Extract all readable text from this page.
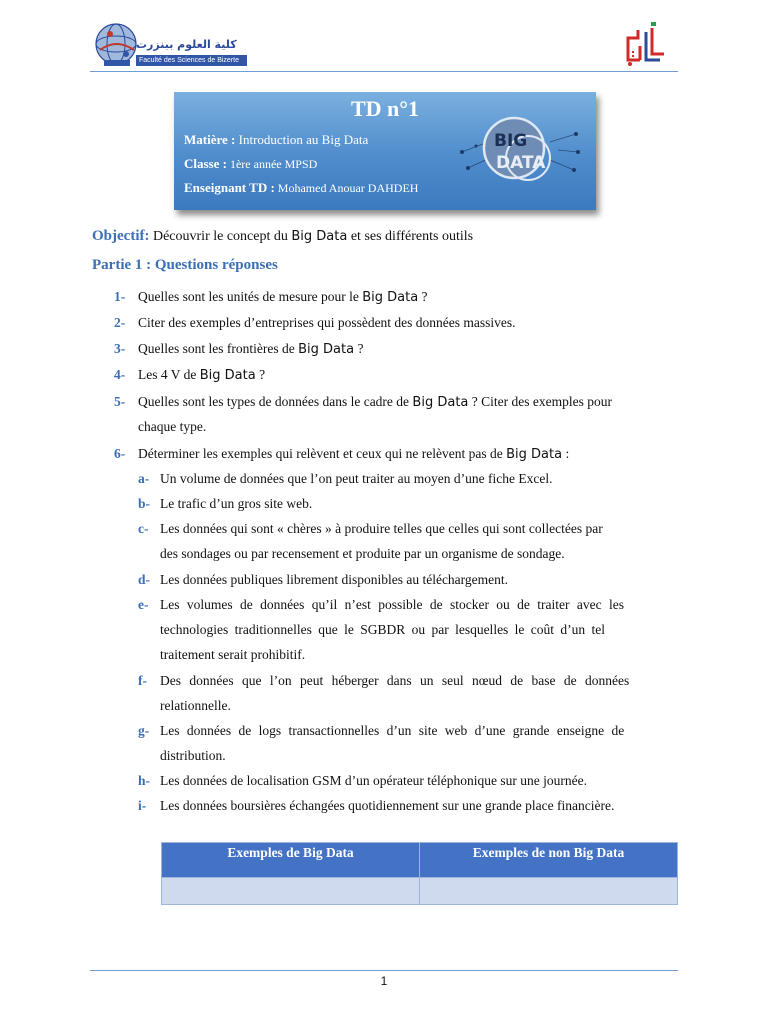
كلية العلوم ببنزرت
Faculté des Sciences de Bizerte
TD n°1
Matière : Introduction au Big Data
Classe : 1ère année MPSD
Enseignant TD : Mohamed Anouar DAHDEH
BIG
DATA
Objectif: Découvrir le concept du Big Data et ses différents outils
Partie 1 : Questions réponses
1- Quelles sont les unités de mesure pour le Big Data ?
2- Citer des exemples d’entreprises qui possèdent des données massives.
3- Quelles sont les frontières de Big Data ?
4- Les 4 V de Big Data ?
5- Quelles sont les types de données dans le cadre de Big Data ? Citer des exemples pour
chaque type.
6- Déterminer les exemples qui relèvent et ceux qui ne relèvent pas de Big Data :
a- Un volume de données que l’on peut traiter au moyen d’une fiche Excel.
b- Le trafic d’un gros site web.
c- Les données qui sont « chères » à produire telles que celles qui sont collectées par
des sondages ou par recensement et produite par un organisme de sondage.
d- Les données publiques librement disponibles au téléchargement.
e- Les volumes de données qu’il n’est possible de stocker ou de traiter avec les
technologies traditionnelles que le SGBDR ou par lesquelles le coût d’un tel
traitement serait prohibitif.
f- Des données que l’on peut héberger dans un seul nœud de base de données
relationnelle.
g- Les données de logs transactionnelles d’un site web d’une grande enseigne de
distribution.
h- Les données de localisation GSM d’un opérateur téléphonique sur une journée.
i- Les données boursières échangées quotidiennement sur une grande place financière.
Exemples de Big Data	Exemples de non Big Data

1
